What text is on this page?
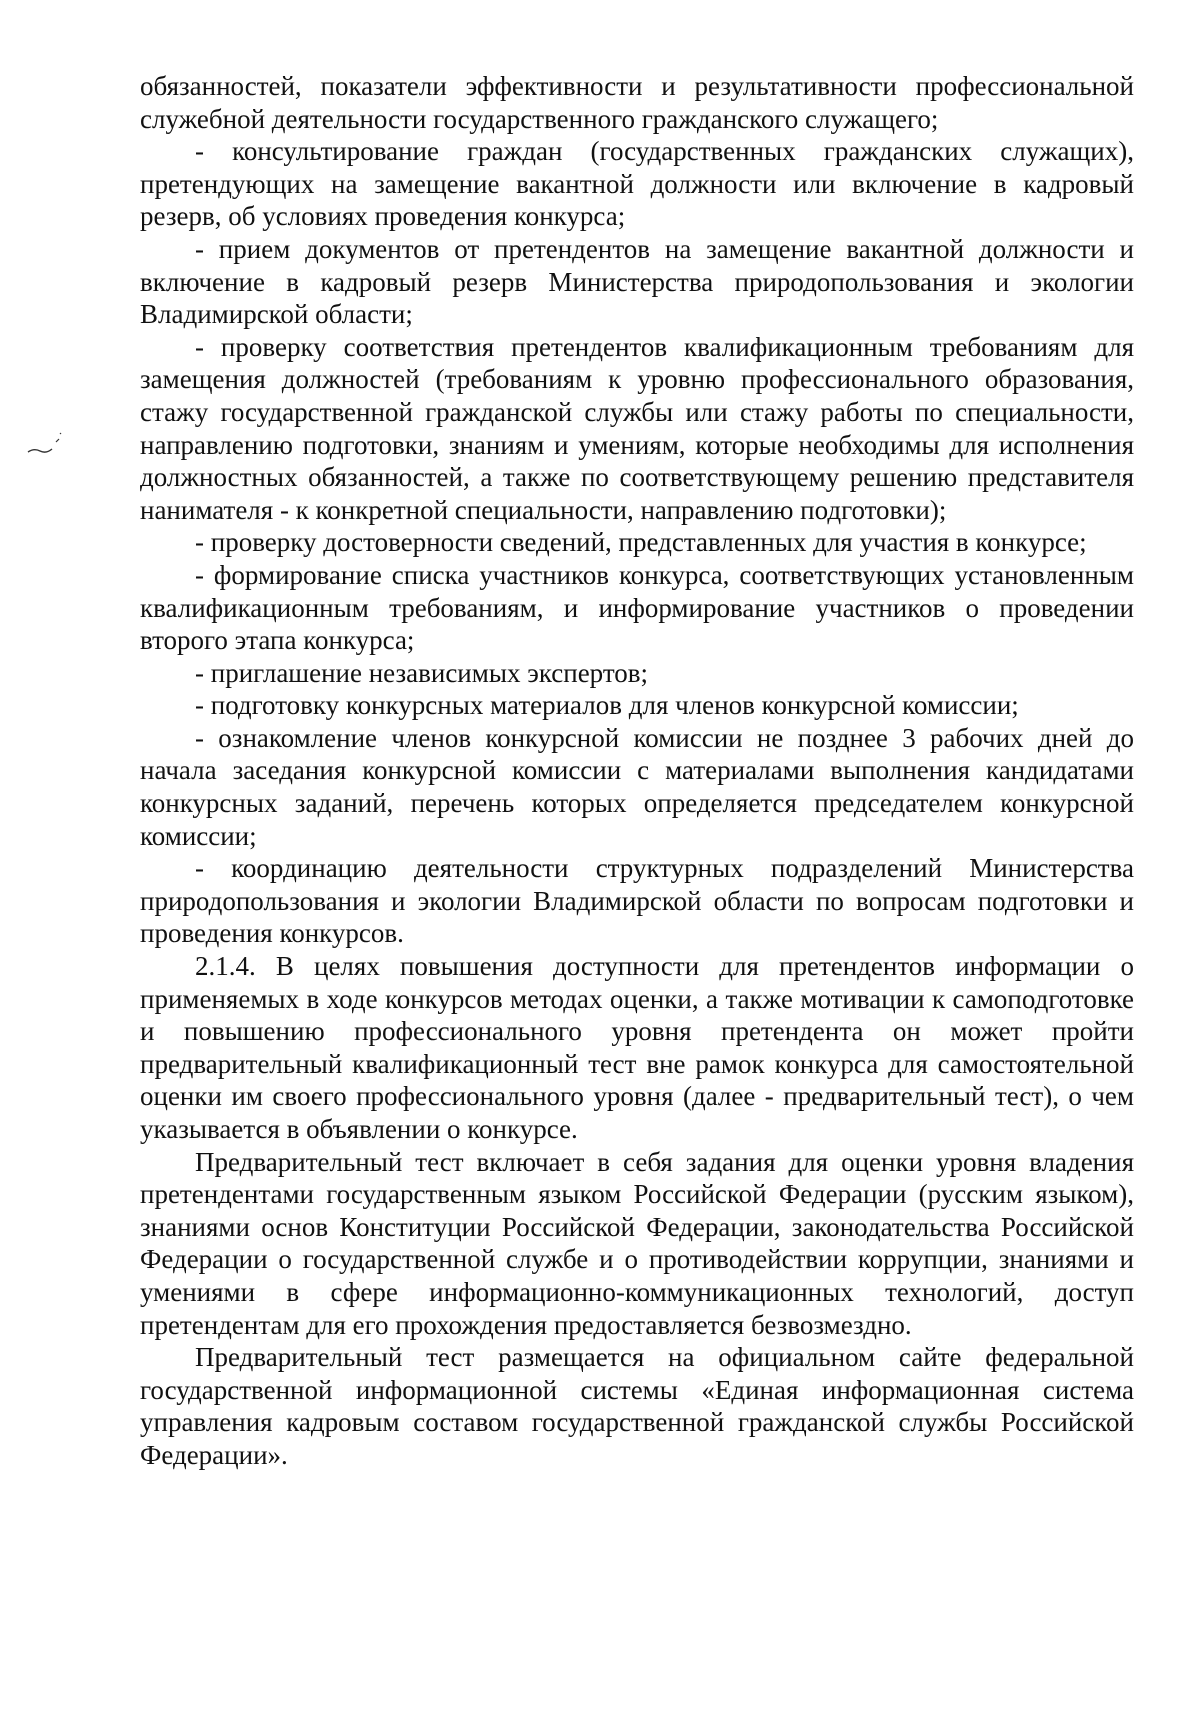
обязанностей, показатели эффективности и результативности профессиональной служебной деятельности государственного гражданского служащего;

- консультирование граждан (государственных гражданских служащих), претендующих на замещение вакантной должности или включение в кадровый резерв, об условиях проведения конкурса;

- прием документов от претендентов на замещение вакантной должности и включение в кадровый резерв Министерства природопользования и экологии Владимирской области;

- проверку соответствия претендентов квалификационным требованиям для замещения должностей (требованиям к уровню профессионального образования, стажу государственной гражданской службы или стажу работы по специальности, направлению подготовки, знаниям и умениям, которые необходимы для исполнения должностных обязанностей, а также по соответствующему решению представителя нанимателя - к конкретной специальности, направлению подготовки);

- проверку достоверности сведений, представленных для участия в конкурсе;

- формирование списка участников конкурса, соответствующих установленным квалификационным требованиям, и информирование участников о проведении второго этапа конкурса;

- приглашение независимых экспертов;

- подготовку конкурсных материалов для членов конкурсной комиссии;

- ознакомление членов конкурсной комиссии не позднее 3 рабочих дней до начала заседания конкурсной комиссии с материалами выполнения кандидатами конкурсных заданий, перечень которых определяется председателем конкурсной комиссии;

- координацию деятельности структурных подразделений Министерства природопользования и экологии Владимирской области по вопросам подготовки и проведения конкурсов.

2.1.4. В целях повышения доступности для претендентов информации о применяемых в ходе конкурсов методах оценки, а также мотивации к самоподготовке и повышению профессионального уровня претендента он может пройти предварительный квалификационный тест вне рамок конкурса для самостоятельной оценки им своего профессионального уровня (далее - предварительный тест), о чем указывается в объявлении о конкурсе.

Предварительный тест включает в себя задания для оценки уровня владения претендентами государственным языком Российской Федерации (русским языком), знаниями основ Конституции Российской Федерации, законодательства Российской Федерации о государственной службе и о противодействии коррупции, знаниями и умениями в сфере информационно-коммуникационных технологий, доступ претендентам для его прохождения предоставляется безвозмездно.

Предварительный тест размещается на официальном сайте федеральной государственной информационной системы «Единая информационная система управления кадровым составом государственной гражданской службы Российской Федерации».
